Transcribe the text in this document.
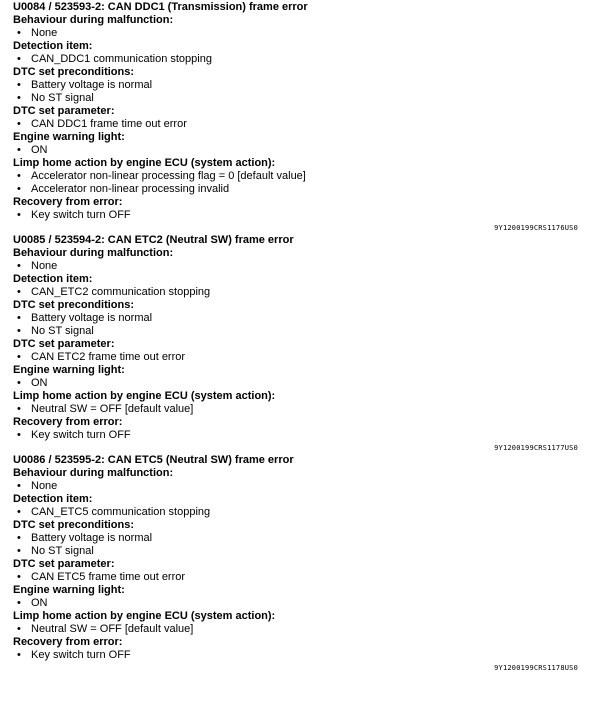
U0084 / 523593-2: CAN DDC1 (Transmission) frame error
Behaviour during malfunction:
• None
Detection item:
• CAN_DDC1 communication stopping
DTC set preconditions:
• Battery voltage is normal
• No ST signal
DTC set parameter:
• CAN DDC1 frame time out error
Engine warning light:
• ON
Limp home action by engine ECU (system action):
• Accelerator non-linear processing flag = 0 [default value]
• Accelerator non-linear processing invalid
Recovery from error:
• Key switch turn OFF
9Y1200199CRS1176US0
U0085 / 523594-2: CAN ETC2 (Neutral SW) frame error
Behaviour during malfunction:
• None
Detection item:
• CAN_ETC2 communication stopping
DTC set preconditions:
• Battery voltage is normal
• No ST signal
DTC set parameter:
• CAN ETC2 frame time out error
Engine warning light:
• ON
Limp home action by engine ECU (system action):
• Neutral SW = OFF [default value]
Recovery from error:
• Key switch turn OFF
9Y1200199CRS1177US0
U0086 / 523595-2: CAN ETC5 (Neutral SW) frame error
Behaviour during malfunction:
• None
Detection item:
• CAN_ETC5 communication stopping
DTC set preconditions:
• Battery voltage is normal
• No ST signal
DTC set parameter:
• CAN ETC5 frame time out error
Engine warning light:
• ON
Limp home action by engine ECU (system action):
• Neutral SW = OFF [default value]
Recovery from error:
• Key switch turn OFF
9Y1200199CRS1178US0
